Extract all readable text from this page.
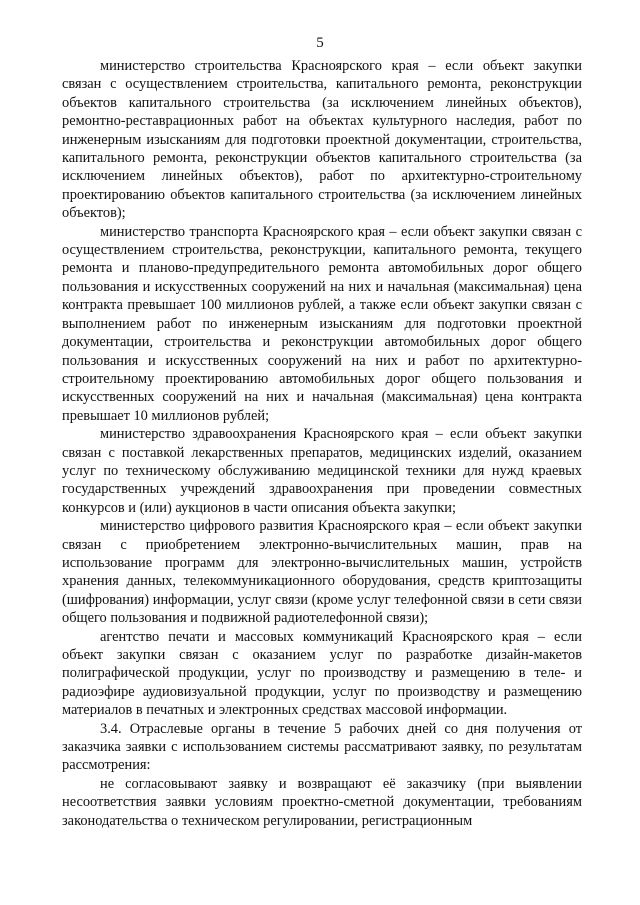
5

министерство строительства Красноярского края – если объект закупки связан с осуществлением строительства, капитального ремонта, реконструкции объектов капитального строительства (за исключением линейных объектов), ремонтно-реставрационных работ на объектах культурного наследия, работ по инженерным изысканиям для подготовки проектной документации, строительства, капитального ремонта, реконструкции объектов капитального строительства (за исключением линейных объектов), работ по архитектурно-строительному проектированию объектов капитального строительства (за исключением линейных объектов);

министерство транспорта Красноярского края – если объект закупки связан с осуществлением строительства, реконструкции, капитального ремонта, текущего ремонта и планово-предупредительного ремонта автомобильных дорог общего пользования и искусственных сооружений на них и начальная (максимальная) цена контракта превышает 100 миллионов рублей, а также если объект закупки связан с выполнением работ по инженерным изысканиям для подготовки проектной документации, строительства и реконструкции автомобильных дорог общего пользования и искусственных сооружений на них и работ по архитектурно-строительному проектированию автомобильных дорог общего пользования и искусственных сооружений на них и начальная (максимальная) цена контракта превышает 10 миллионов рублей;

министерство здравоохранения Красноярского края – если объект закупки связан с поставкой лекарственных препаратов, медицинских изделий, оказанием услуг по техническому обслуживанию медицинской техники для нужд краевых государственных учреждений здравоохранения при проведении совместных конкурсов и (или) аукционов в части описания объекта закупки;

министерство цифрового развития Красноярского края – если объект закупки связан с приобретением электронно-вычислительных машин, прав на использование программ для электронно-вычислительных машин, устройств хранения данных, телекоммуникационного оборудования, средств криптозащиты (шифрования) информации, услуг связи (кроме услуг телефонной связи в сети связи общего пользования и подвижной радиотелефонной связи);

агентство печати и массовых коммуникаций Красноярского края – если объект закупки связан с оказанием услуг по разработке дизайн-макетов полиграфической продукции, услуг по производству и размещению в теле- и радиоэфире аудиовизуальной продукции, услуг по производству и размещению материалов в печатных и электронных средствах массовой информации.

3.4. Отраслевые органы в течение 5 рабочих дней со дня получения от заказчика заявки с использованием системы рассматривают заявку, по результатам рассмотрения:

не согласовывают заявку и возвращают её заказчику (при выявлении несоответствия заявки условиям проектно-сметной документации, требованиям законодательства о техническом регулировании, регистрационным
